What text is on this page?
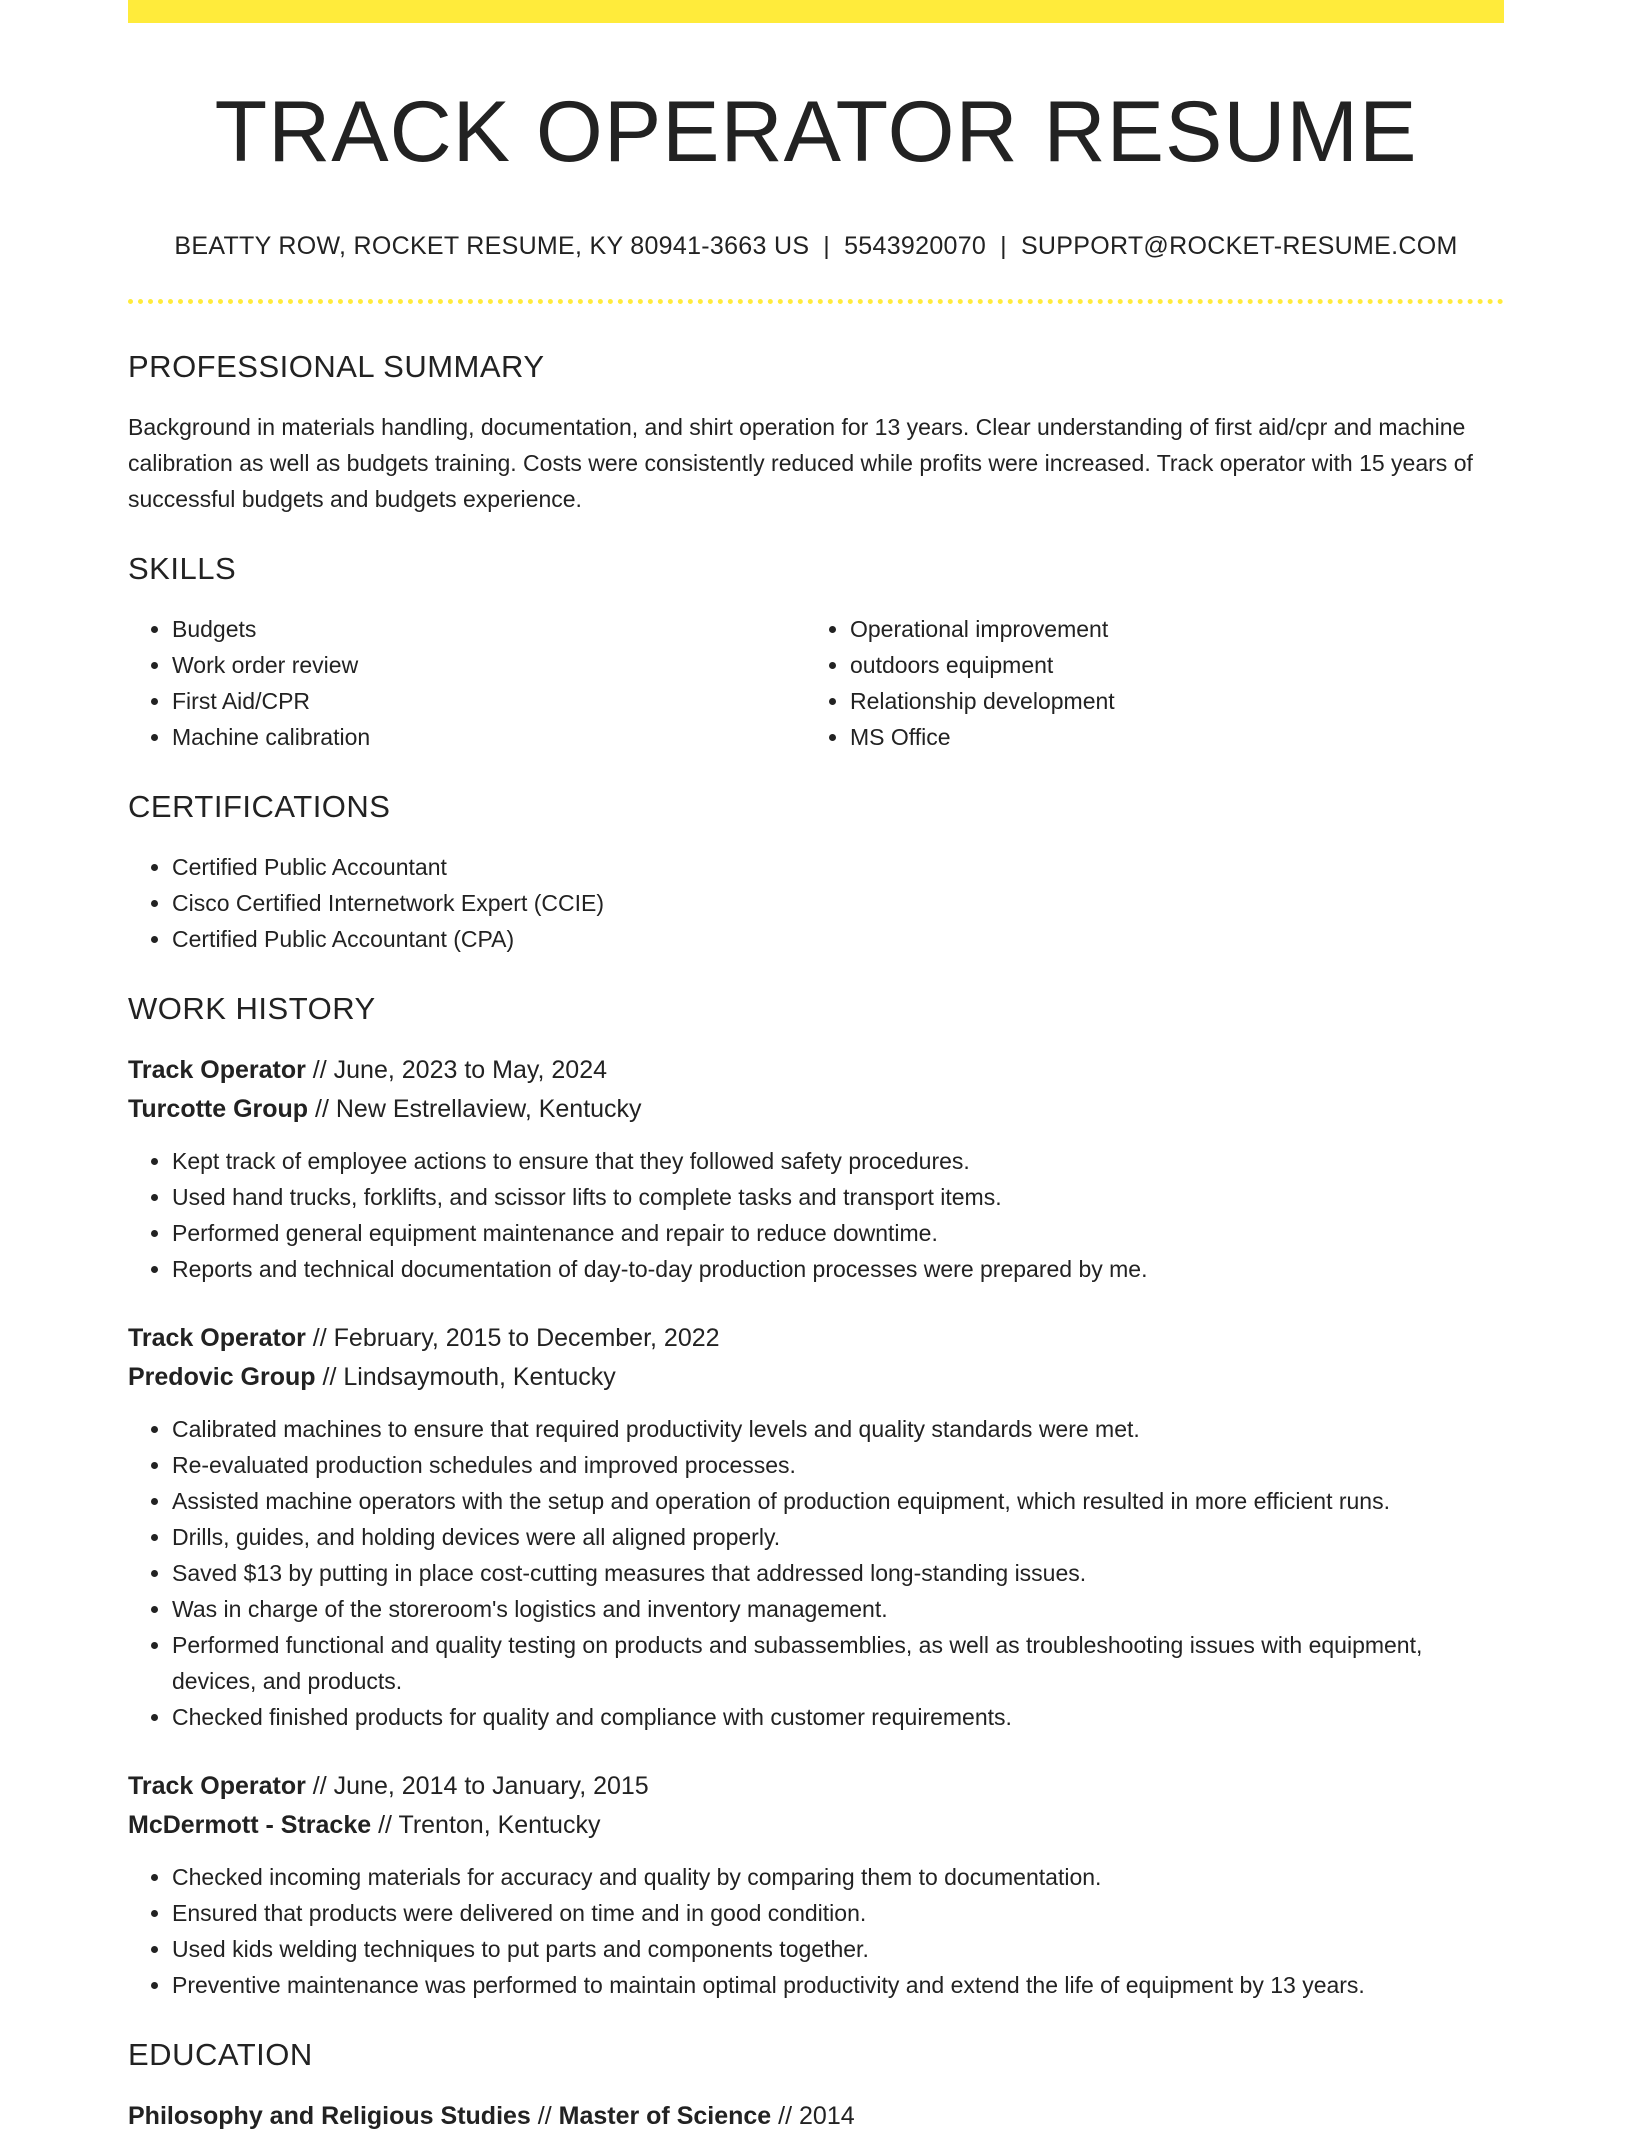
TRACK OPERATOR RESUME
BEATTY ROW, ROCKET RESUME, KY 80941-3663 US | 5543920070 | SUPPORT@ROCKET-RESUME.COM
PROFESSIONAL SUMMARY

Background in materials handling, documentation, and shirt operation for 13 years. Clear understanding of first aid/cpr and machine calibration as well as budgets training. Costs were consistently reduced while profits were increased. Track operator with 15 years of successful budgets and budgets experience.

SKILLS
• Budgets
• Work order review
• First Aid/CPR
• Machine calibration
• Operational improvement
• outdoors equipment
• Relationship development
• MS Office
CERTIFICATIONS
• Certified Public Accountant
• Cisco Certified Internetwork Expert (CCIE)
• Certified Public Accountant (CPA)
WORK HISTORY

Track Operator // June, 2023 to May, 2024

Turcotte Group // New Estrellaview, Kentucky

• Kept track of employee actions to ensure that they followed safety procedures.
• Used hand trucks, forklifts, and scissor lifts to complete tasks and transport items.
• Performed general equipment maintenance and repair to reduce downtime.
• Reports and technical documentation of day-to-day production processes were prepared by me.

Track Operator // February, 2015 to December, 2022

Predovic Group // Lindsaymouth, Kentucky

• Calibrated machines to ensure that required productivity levels and quality standards were met.
• Re-evaluated production schedules and improved processes.
• Assisted machine operators with the setup and operation of production equipment, which resulted in more efficient runs.
• Drills, guides, and holding devices were all aligned properly.
• Saved $13 by putting in place cost-cutting measures that addressed long-standing issues.
• Was in charge of the storeroom's logistics and inventory management.
• Performed functional and quality testing on products and subassemblies, as well as troubleshooting issues with equipment, devices, and products.
• Checked finished products for quality and compliance with customer requirements.

Track Operator // June, 2014 to January, 2015

McDermott - Stracke // Trenton, Kentucky

• Checked incoming materials for accuracy and quality by comparing them to documentation.
• Ensured that products were delivered on time and in good condition.
• Used kids welding techniques to put parts and components together.
• Preventive maintenance was performed to maintain optimal productivity and extend the life of equipment by 13 years.
EDUCATION

Philosophy and Religious Studies // Master of Science // 2014
